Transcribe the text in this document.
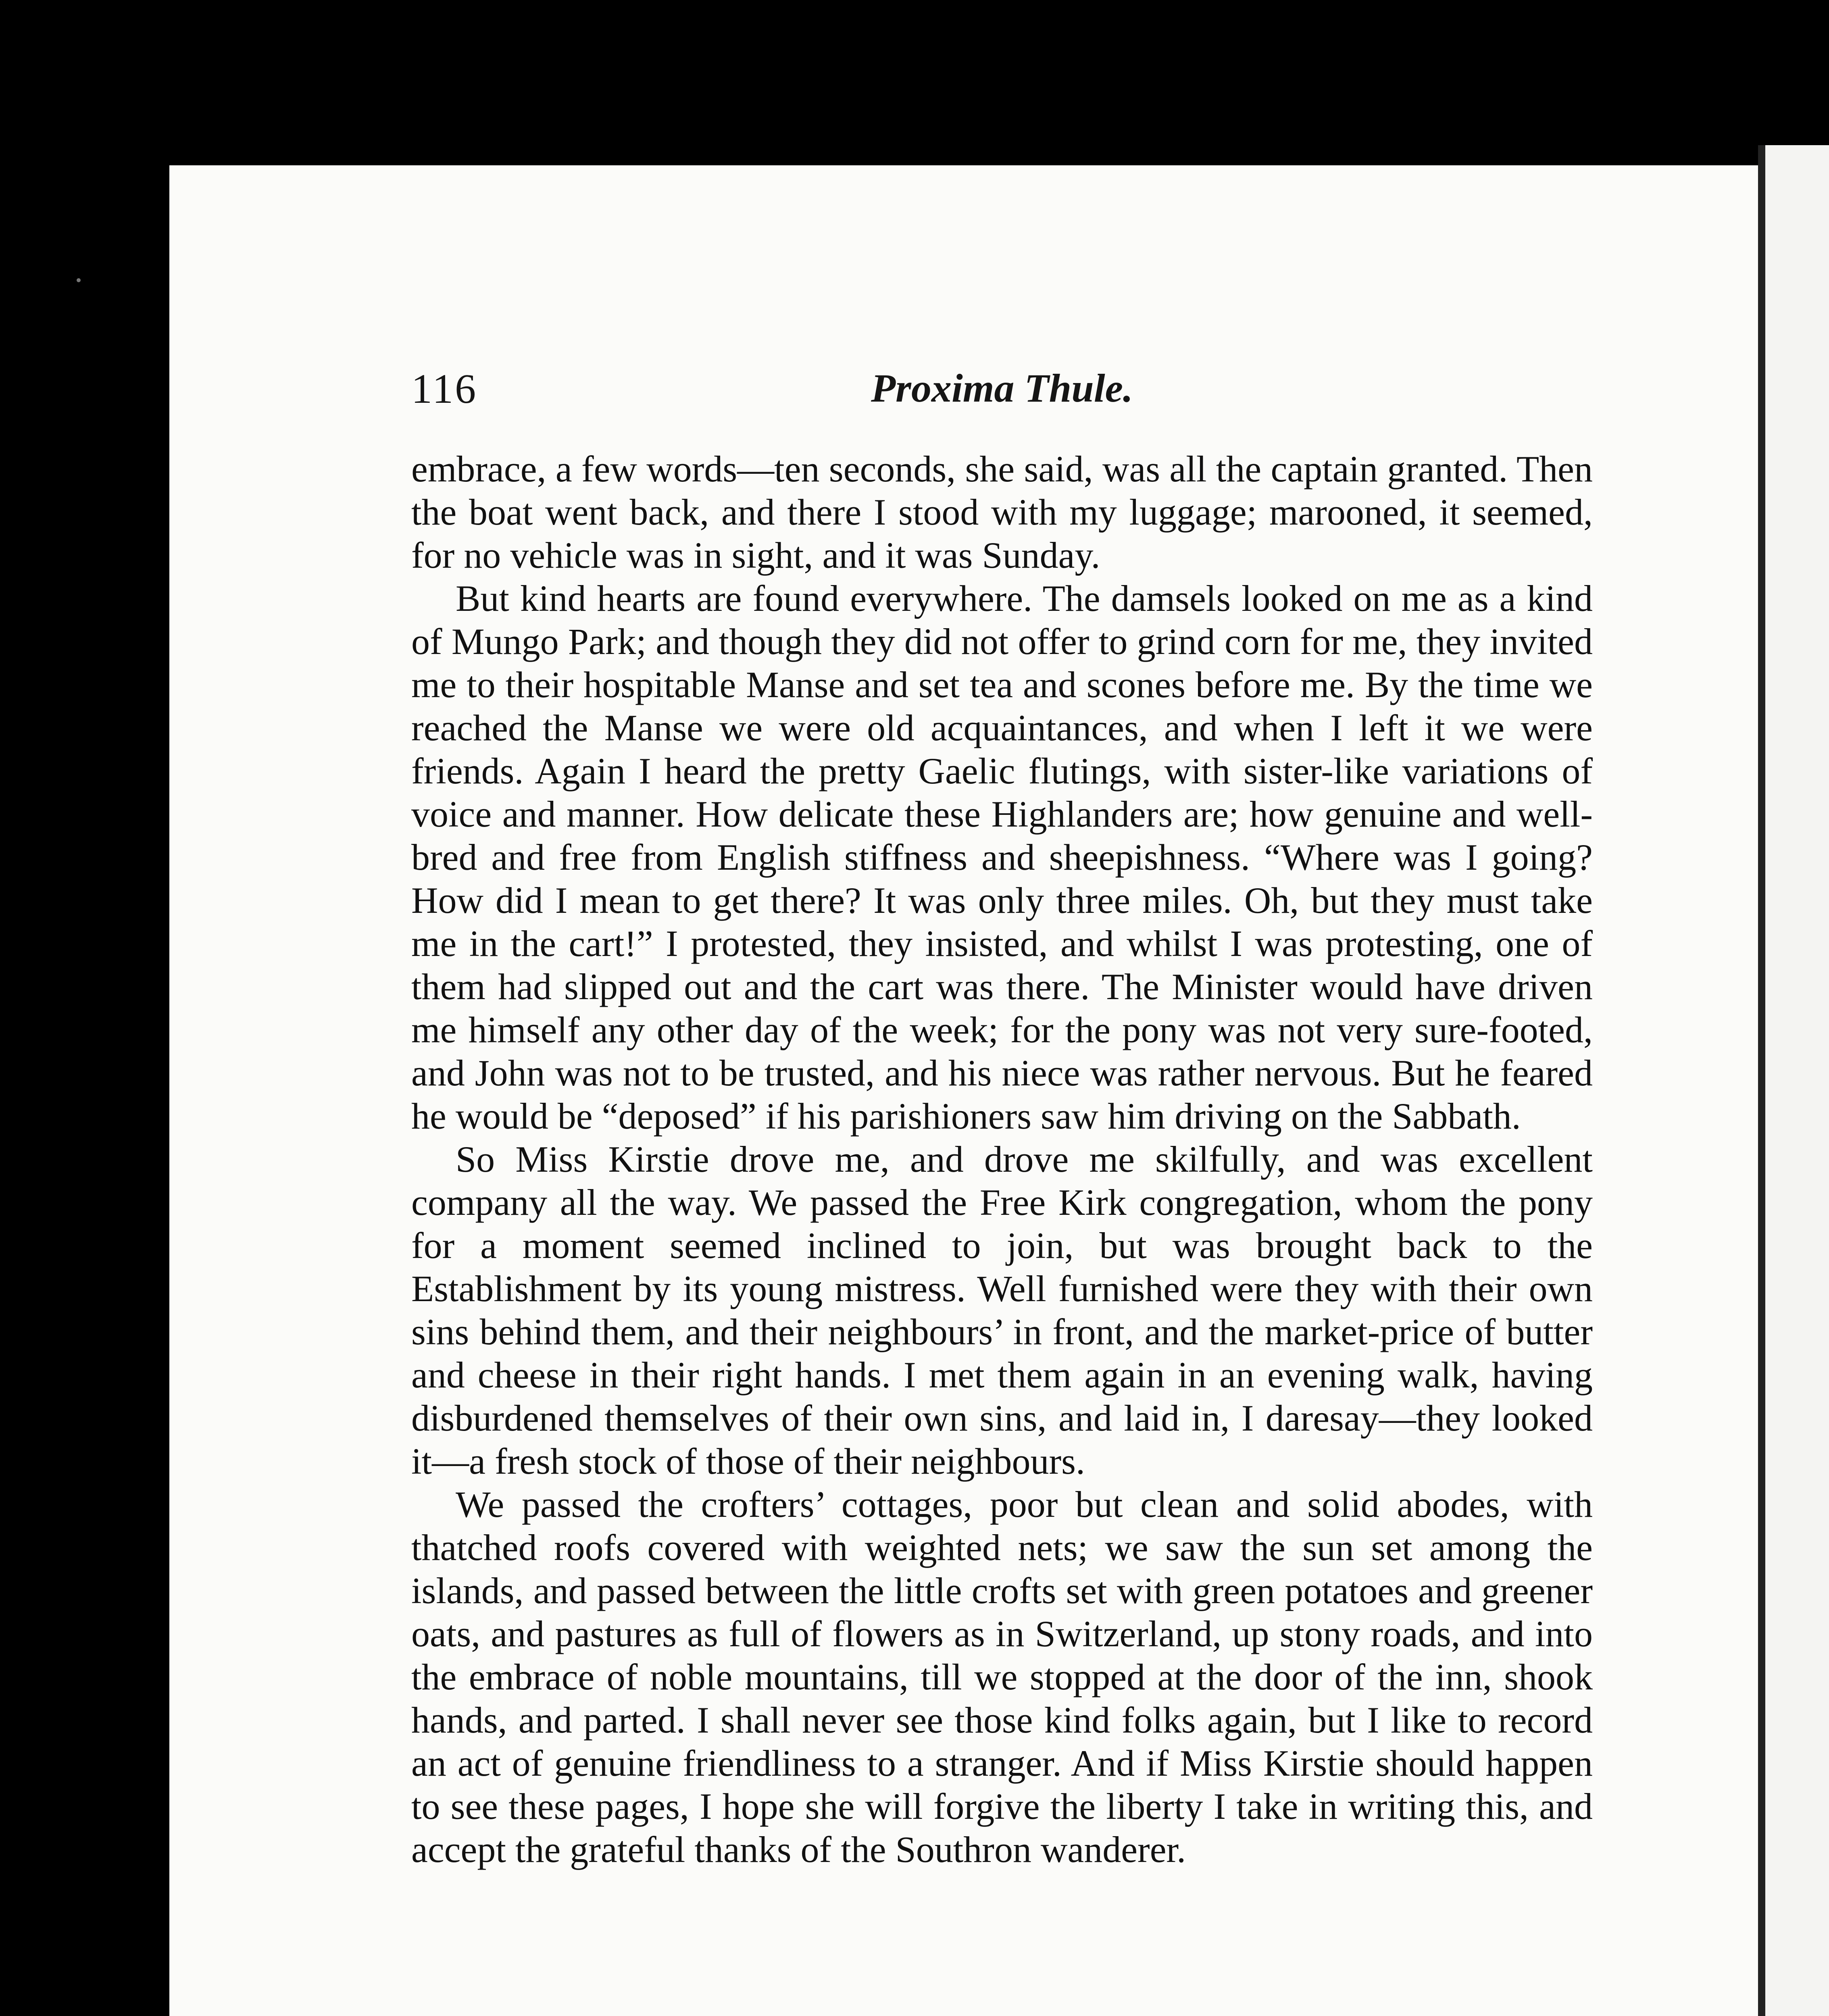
116	Proxima Thule.

embrace, a few words—ten seconds, she said, was all the captain granted. Then the boat went back, and there I stood with my luggage; marooned, it seemed, for no vehicle was in sight, and it was Sunday.

But kind hearts are found everywhere. The damsels looked on me as a kind of Mungo Park; and though they did not offer to grind corn for me, they invited me to their hospitable Manse and set tea and scones before me. By the time we reached the Manse we were old acquaintances, and when I left it we were friends. Again I heard the pretty Gaelic flutings, with sister-like variations of voice and manner. How delicate these Highlanders are; how genuine and well-bred and free from English stiffness and sheepishness. “Where was I going? How did I mean to get there? It was only three miles. Oh, but they must take me in the cart!” I protested, they insisted, and whilst I was protesting, one of them had slipped out and the cart was there. The Minister would have driven me himself any other day of the week; for the pony was not very sure-footed, and John was not to be trusted, and his niece was rather nervous. But he feared he would be “deposed” if his parishioners saw him driving on the Sabbath.

So Miss Kirstie drove me, and drove me skilfully, and was excellent company all the way. We passed the Free Kirk congregation, whom the pony for a moment seemed inclined to join, but was brought back to the Establishment by its young mistress. Well furnished were they with their own sins behind them, and their neighbours’ in front, and the market-price of butter and cheese in their right hands. I met them again in an evening walk, having disburdened themselves of their own sins, and laid in, I daresay—they looked it—a fresh stock of those of their neighbours.

We passed the crofters’ cottages, poor but clean and solid abodes, with thatched roofs covered with weighted nets; we saw the sun set among the islands, and passed between the little crofts set with green potatoes and greener oats, and pastures as full of flowers as in Switzerland, up stony roads, and into the embrace of noble mountains, till we stopped at the door of the inn, shook hands, and parted. I shall never see those kind folks again, but I like to record an act of genuine friendliness to a stranger. And if Miss Kirstie should happen to see these pages, I hope she will forgive the liberty I take in writing this, and accept the grateful thanks of the Southron wanderer.
